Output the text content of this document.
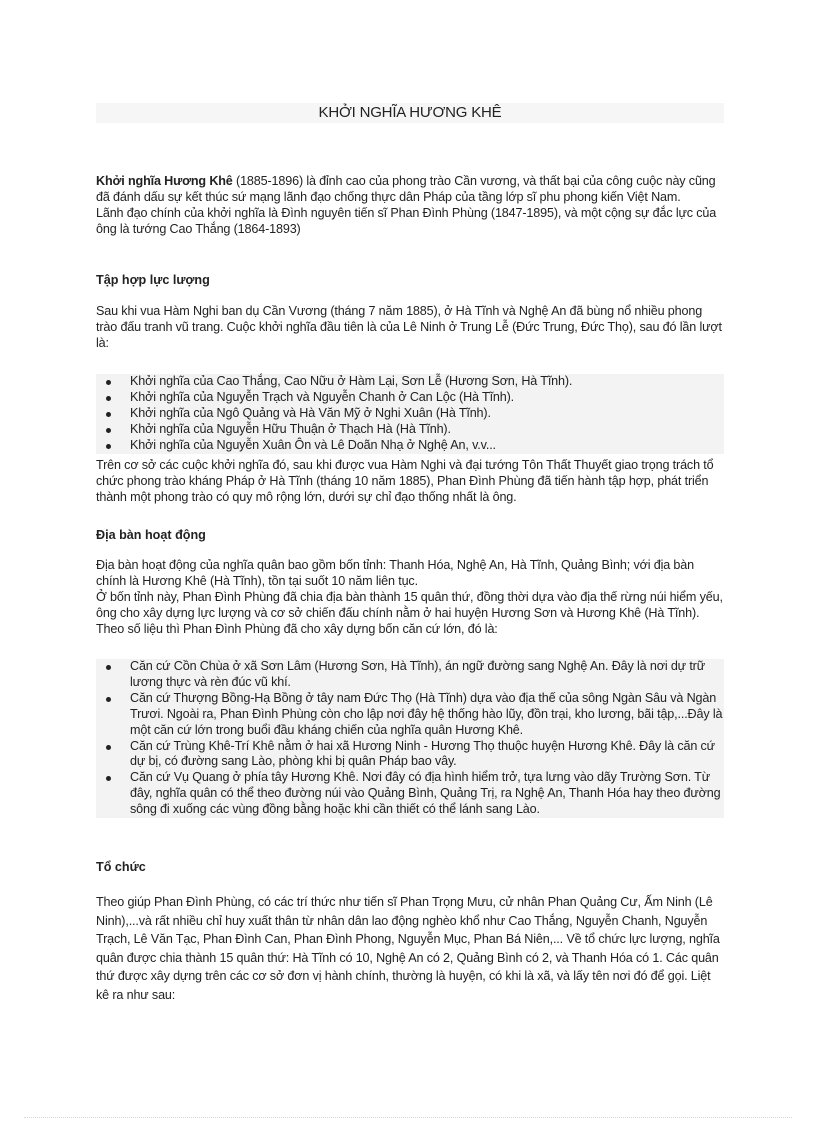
KHỞI NGHĨA HƯƠNG KHÊ

Khởi nghĩa Hương Khê (1885-1896) là đỉnh cao của phong trào Cần vương, và thất bại của công cuộc này cũng đã đánh dấu sự kết thúc sứ mạng lãnh đạo chống thực dân Pháp của tầng lớp sĩ phu phong kiến Việt Nam.

Lãnh đạo chính của khởi nghĩa là Đình nguyên tiến sĩ Phan Đình Phùng (1847-1895), và một cộng sự đắc lực của ông là tướng Cao Thắng (1864-1893)

Tập hợp lực lượng
Sau khi vua Hàm Nghi ban dụ Cần Vương (tháng 7 năm 1885), ở Hà Tĩnh và Nghệ An đã bùng nổ nhiều phong trào đấu tranh vũ trang. Cuộc khởi nghĩa đầu tiên là của Lê Ninh ở Trung Lễ (Đức Trung, Đức Thọ), sau đó lần lượt là:
Khởi nghĩa của Cao Thắng, Cao Nữu ở Hàm Lại, Sơn Lễ (Hương Sơn, Hà Tĩnh).
Khởi nghĩa của Nguyễn Trạch và Nguyễn Chanh ở Can Lộc (Hà Tĩnh).
Khởi nghĩa của Ngô Quảng và Hà Văn Mỹ ở Nghi Xuân (Hà Tĩnh).
Khởi nghĩa của Nguyễn Hữu Thuận ở Thạch Hà (Hà Tĩnh).
Khởi nghĩa của Nguyễn Xuân Ôn và Lê Doãn Nhạ ở Nghệ An, v.v...
Trên cơ sở các cuộc khởi nghĩa đó, sau khi được vua Hàm Nghi và đại tướng Tôn Thất Thuyết giao trọng trách tổ chức phong trào kháng Pháp ở Hà Tĩnh (tháng 10 năm 1885), Phan Đình Phùng đã tiến hành tập hợp, phát triển thành một phong trào có quy mô rộng lớn, dưới sự chỉ đạo thống nhất là ông.
Địa bàn hoạt động

Địa bàn hoạt động của nghĩa quân bao gồm bốn tỉnh: Thanh Hóa, Nghệ An, Hà Tĩnh, Quảng Bình; với địa bàn chính là Hương Khê (Hà Tĩnh), tồn tại suốt 10 năm liên tục.

Ở bốn tỉnh này, Phan Đình Phùng đã chia địa bàn thành 15 quân thứ, đồng thời dựa vào địa thế rừng núi hiểm yếu, ông cho xây dựng lực lượng và cơ sở chiến đấu chính nằm ở hai huyện Hương Sơn và Hương Khê (Hà Tĩnh). Theo số liệu thì Phan Đình Phùng đã cho xây dựng bốn căn cứ lớn, đó là:

Căn cứ Cồn Chùa ở xã Sơn Lâm (Hương Sơn, Hà Tĩnh), án ngữ đường sang Nghệ An. Đây là nơi dự trữ lương thực và rèn đúc vũ khí.
Căn cứ Thượng Bồng-Hạ Bồng ở tây nam Đức Thọ (Hà Tĩnh) dựa vào địa thế của sông Ngàn Sâu và Ngàn Trươi. Ngoài ra, Phan Đình Phùng còn cho lập nơi đây hệ thống hào lũy, đồn trại, kho lương, bãi tập,...Đây là một căn cứ lớn trong buổi đầu kháng chiến của nghĩa quân Hương Khê.
Căn cứ Trùng Khê-Trí Khê nằm ở hai xã Hương Ninh - Hương Thọ thuộc huyện Hương Khê. Đây là căn cứ dự bị, có đường sang Lào, phòng khi bị quân Pháp bao vây.
Căn cứ Vụ Quang ở phía tây Hương Khê. Nơi đây có địa hình hiểm trở, tựa lưng vào dãy Trường Sơn. Từ đây, nghĩa quân có thể theo đường núi vào Quảng Bình, Quảng Trị, ra Nghệ An, Thanh Hóa hay theo đường sông đi xuống các vùng đồng bằng hoặc khi cần thiết có thể lánh sang Lào.
Tổ chức
Theo giúp Phan Đình Phùng, có các trí thức như tiến sĩ Phan Trọng Mưu, cử nhân Phan Quảng Cư, Ấm Ninh (Lê Ninh),...và rất nhiều chỉ huy xuất thân từ nhân dân lao động nghèo khổ như Cao Thắng, Nguyễn Chanh, Nguyễn Trạch, Lê Văn Tạc, Phan Đình Can, Phan Đình Phong, Nguyễn Mục, Phan Bá Niên,... Về tổ chức lực lượng, nghĩa quân được chia thành 15 quân thứ: Hà Tĩnh có 10, Nghệ An có 2, Quảng Bình có 2, và Thanh Hóa có 1. Các quân thứ được xây dựng trên các cơ sở đơn vị hành chính, thường là huyện, có khi là xã, và lấy tên nơi đó để gọi. Liệt kê ra như sau:
